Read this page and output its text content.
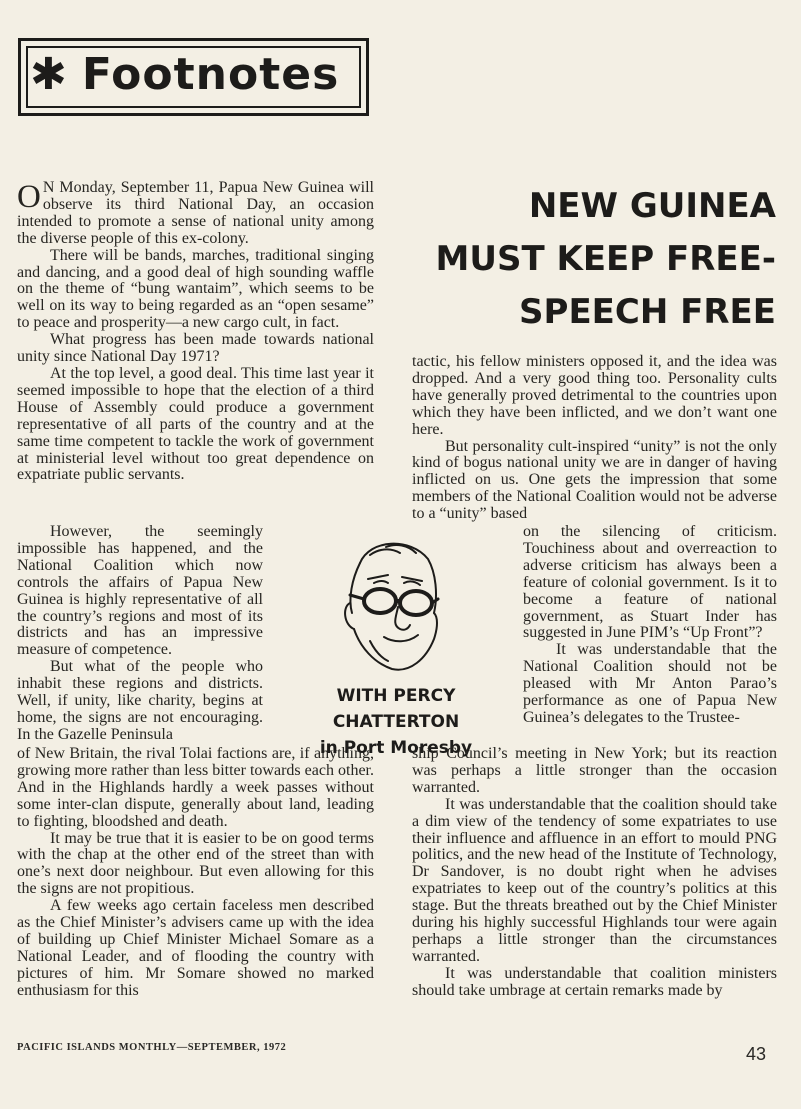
✱ Footnotes
NEW GUINEA
MUST KEEP FREE-
SPEECH FREE

O N Monday, September 11, Papua New Guinea will observe its third National Day, an occasion intended to promote a sense of national unity among the diverse people of this ex-colony.

There will be bands, marches, traditional singing and dancing, and a good deal of high sounding waffle on the theme of “bung wantaim”, which seems to be well on its way to being regarded as an “open sesame” to peace and prosperity—a new cargo cult, in fact.

What progress has been made towards national unity since National Day 1971?

At the top level, a good deal. This time last year it seemed impossible to hope that the election of a third House of Assembly could produce a government representative of all parts of the country and at the same time competent to tackle the work of government at ministerial level without too great dependence on expatriate public servants.

However, the seemingly impossible has happened, and the National Coalition which now controls the affairs of Papua New Guinea is highly representative of all the country’s regions and most of its districts and has an impressive measure of competence.

But what of the people who inhabit these regions and districts. Well, if unity, like charity, begins at home, the signs are not encouraging. In the Gazelle Peninsula

of New Britain, the rival Tolai factions are, if anything, growing more rather than less bitter towards each other. And in the Highlands hardly a week passes without some inter-clan dispute, generally about land, leading to fighting, bloodshed and death.

It may be true that it is easier to be on good terms with the chap at the other end of the street than with one’s next door neighbour. But even allowing for this the signs are not propitious.

A few weeks ago certain faceless men described as the Chief Minister’s advisers came up with the idea of building up Chief Minister Michael Somare as a National Leader, and of flooding the country with pictures of him. Mr Somare showed no marked enthusiasm for this

WITH PERCY CHATTERTON
in Port Moresby

tactic, his fellow ministers opposed it, and the idea was dropped. And a very good thing too. Personality cults have generally proved detrimental to the countries upon which they have been inflicted, and we don’t want one here.

But personality cult-inspired “unity” is not the only kind of bogus national unity we are in danger of having inflicted on us. One gets the impression that some members of the National Coalition would not be adverse to a “unity” based

on the silencing of criticism. Touchiness about and overreaction to adverse criticism has always been a feature of colonial government. Is it to become a feature of national government, as Stuart Inder has suggested in June PIM’s “Up Front”?

It was understandable that the National Coalition should not be pleased with Mr Anton Parao’s performance as one of Papua New Guinea’s delegates to the Trustee-

ship Council’s meeting in New York; but its reaction was perhaps a little stronger than the occasion warranted.

It was understandable that the coalition should take a dim view of the tendency of some expatriates to use their influence and affluence in an effort to mould PNG politics, and the new head of the Institute of Technology, Dr Sandover, is no doubt right when he advises expatriates to keep out of the country’s politics at this stage. But the threats breathed out by the Chief Minister during his highly successful Highlands tour were again perhaps a little stronger than the circumstances warranted.

It was understandable that coalition ministers should take umbrage at certain remarks made by

PACIFIC ISLANDS MONTHLY—SEPTEMBER, 1972	43
